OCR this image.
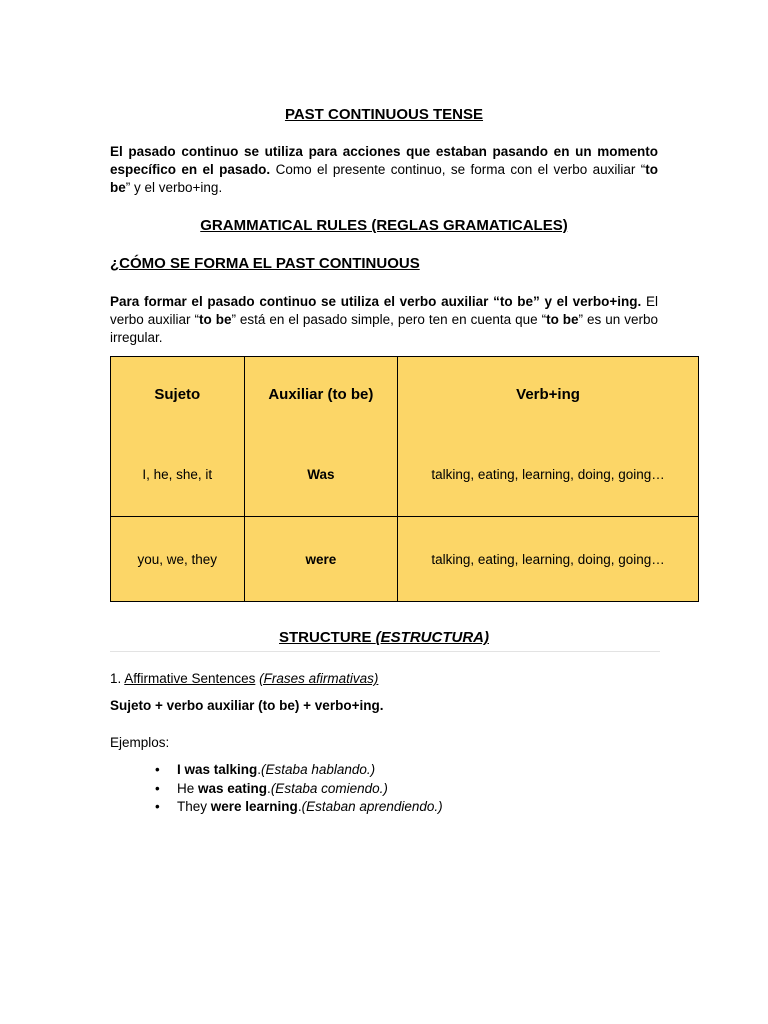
PAST CONTINUOUS TENSE
El pasado continuo se utiliza para acciones que estaban pasando en un momento específico en el pasado. Como el presente continuo, se forma con el verbo auxiliar “to be” y el verbo+ing.
GRAMMATICAL RULES (REGLAS GRAMATICALES)
¿CÓMO SE FORMA EL PAST CONTINUOUS
Para formar el pasado continuo se utiliza el verbo auxiliar “to be” y el verbo+ing. El verbo auxiliar “to be” está en el pasado simple, pero ten en cuenta que “to be” es un verbo irregular.
Sujeto	Auxiliar (to be)	Verb+ing
I, he, she, it	Was	talking, eating, learning, doing, going…
you, we, they	were	talking, eating, learning, doing, going…
STRUCTURE (ESTRUCTURA)
1. Affirmative Sentences (Frases afirmativas)
Sujeto + verbo auxiliar (to be) + verbo+ing.
Ejemplos:
• I was talking.(Estaba hablando.)
• He was eating.(Estaba comiendo.)
• They were learning.(Estaban aprendiendo.)
